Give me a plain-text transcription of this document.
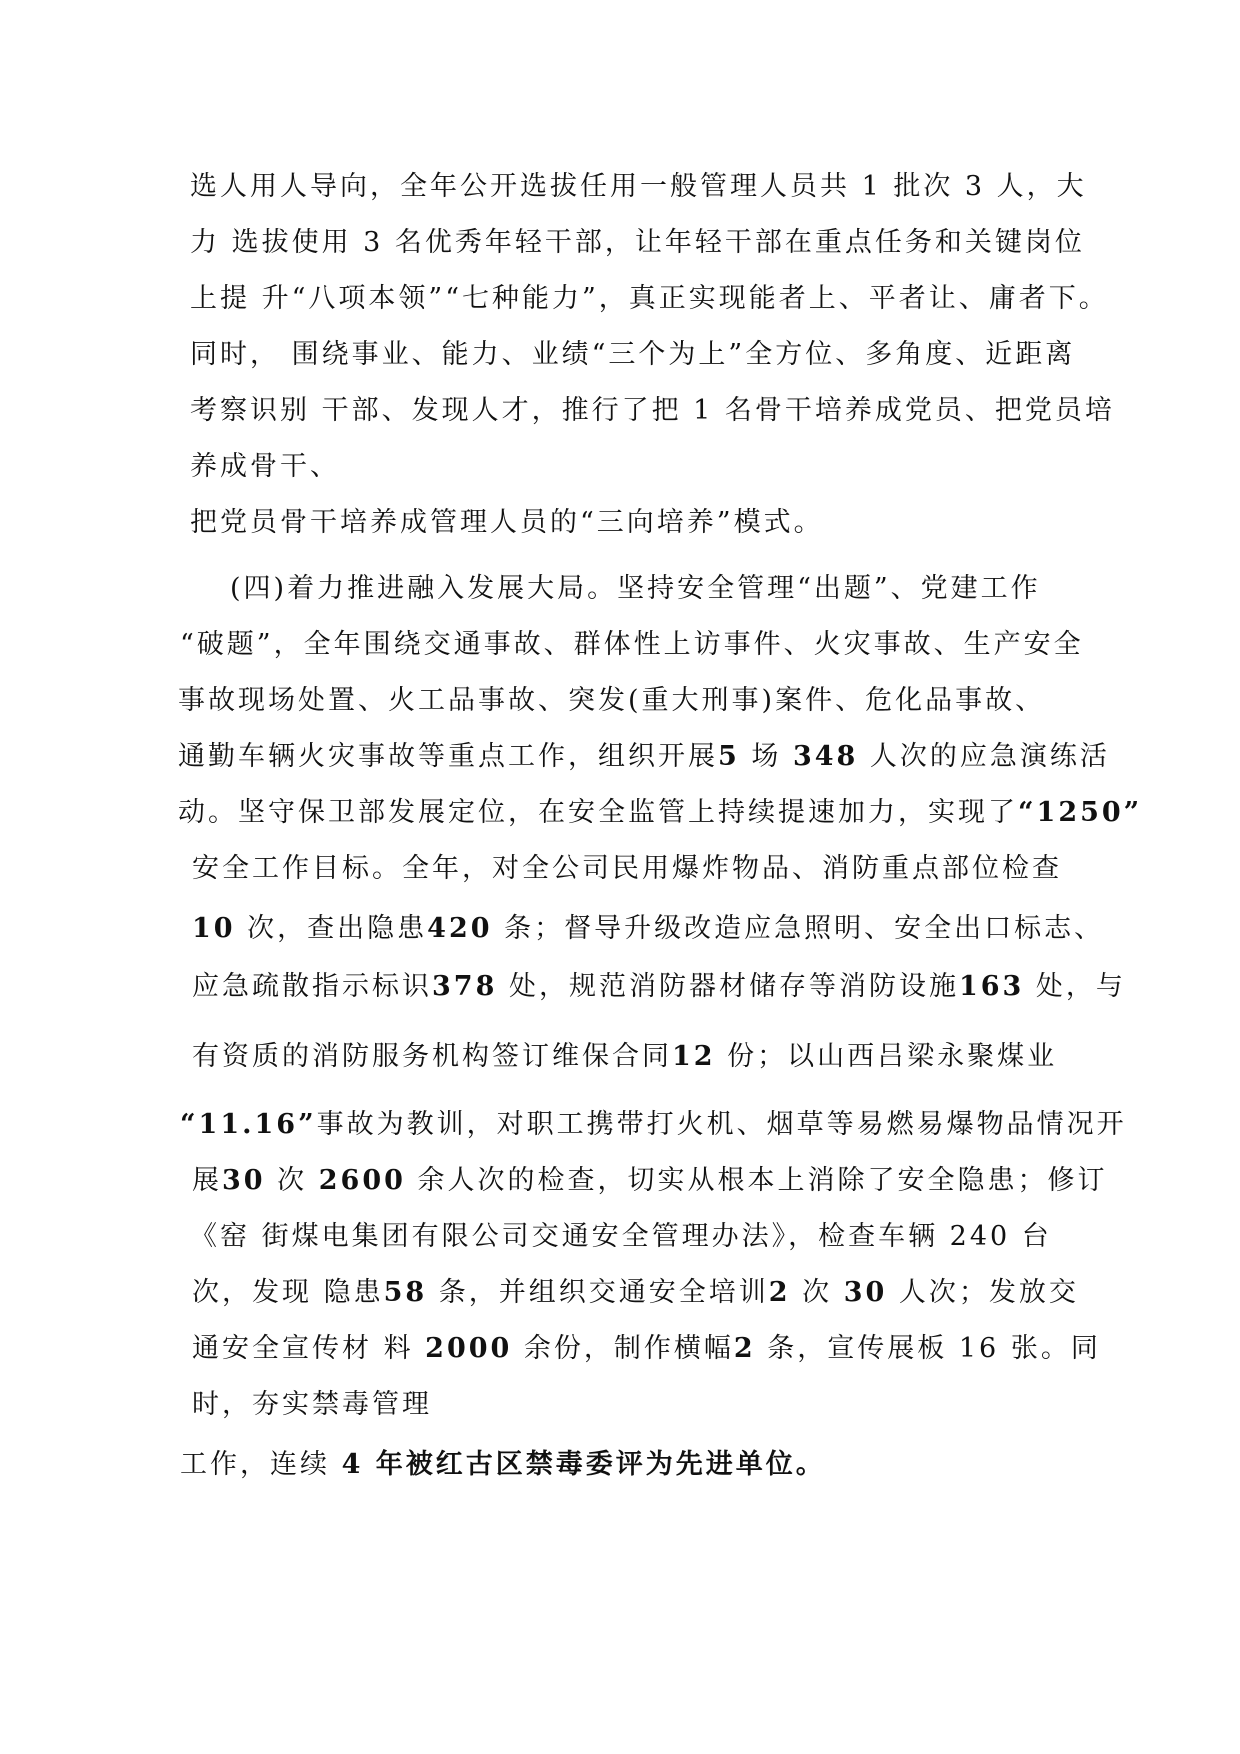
选人用人导向，全年公开选拔任用一般管理人员共 1 批次 3 人，大
力 选拔使用 3 名优秀年轻干部，让年轻干部在重点任务和关键岗位
上提 升“八项本领”“七种能力”，真正实现能者上、平者让、庸者下。
同时， 围绕事业、能力、业绩“三个为上”全方位、多角度、近距离
考察识别 干部、发现人才，推行了把 1 名骨干培养成党员、把党员培
养成骨干、
把党员骨干培养成管理人员的“三向培养”模式。
(四)着力推进融入发展大局。坚持安全管理“出题”、党建工作
“破题”，全年围绕交通事故、群体性上访事件、火灾事故、生产安全
事故现场处置、火工品事故、突发(重大刑事)案件、危化品事故、
通勤车辆火灾事故等重点工作，组织开展5 场 348 人次的应急演练活
动。坚守保卫部发展定位，在安全监管上持续提速加力，实现了“1250”
安全工作目标。全年，对全公司民用爆炸物品、消防重点部位检查
10 次，查出隐患420 条；督导升级改造应急照明、安全出口标志、
应急疏散指示标识378 处，规范消防器材储存等消防设施163 处，与
有资质的消防服务机构签订维保合同12 份；以山西吕梁永聚煤业
“11.16”事故为教训，对职工携带打火机、烟草等易燃易爆物品情况开
展30 次 2600 余人次的检查，切实从根本上消除了安全隐患；修订
《窑 街煤电集团有限公司交通安全管理办法》，检查车辆 240 台
次，发现 隐患58 条，并组织交通安全培训2 次 30 人次；发放交
通安全宣传材 料 2000 余份，制作横幅2 条，宣传展板 16 张。同
时，夯实禁毒管理
工作，连续 4 年被红古区禁毒委评为先进单位。
